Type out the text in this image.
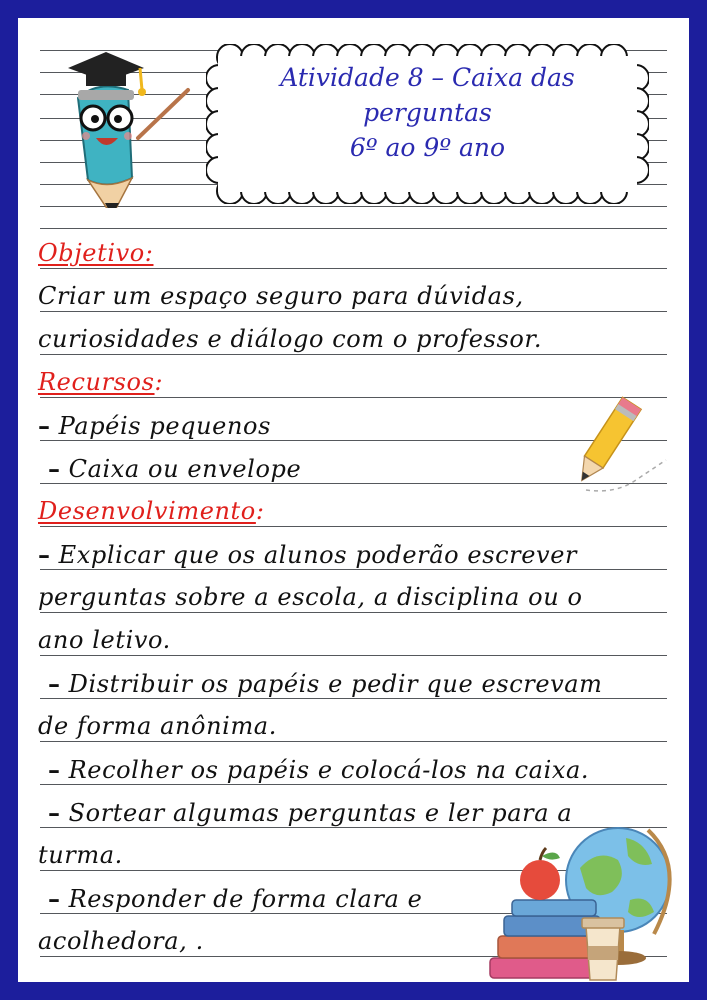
Atividade 8 – Caixa das
perguntas
6º ao 9º ano
Objetivo:
Criar um espaço seguro para dúvidas,
curiosidades e diálogo com o professor.
Recursos:
– Papéis pequenos
– Caixa ou envelope
Desenvolvimento:
– Explicar que os alunos poderão escrever
perguntas sobre a escola, a disciplina ou o
ano letivo.
– Distribuir os papéis e pedir que escrevam
de forma anônima.
– Recolher os papéis e colocá-los na caixa.
– Sortear algumas perguntas e ler para a
turma.
– Responder de forma clara e
acolhedora, .
